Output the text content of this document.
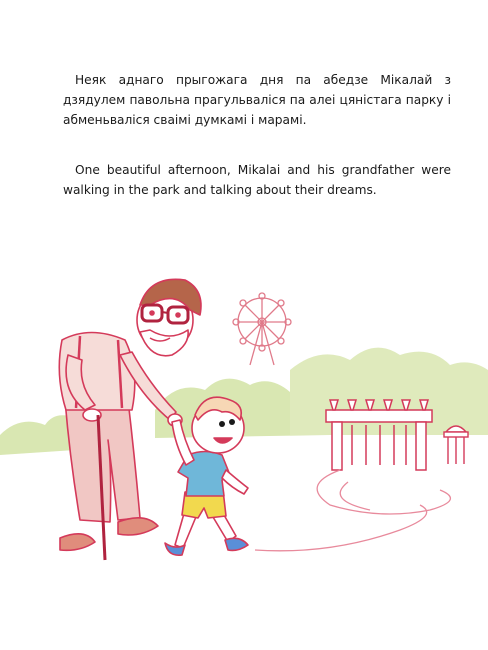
Неяк аднаго прыгожага дня па абедзе Мікалай з дзядулем павольна прагульваліся па алеі цяністага парку і абменьваліся сваімі думкамі і марамі.

One beautiful afternoon, Mikalai and his grandfather were walking in the park and talking about their dreams.
